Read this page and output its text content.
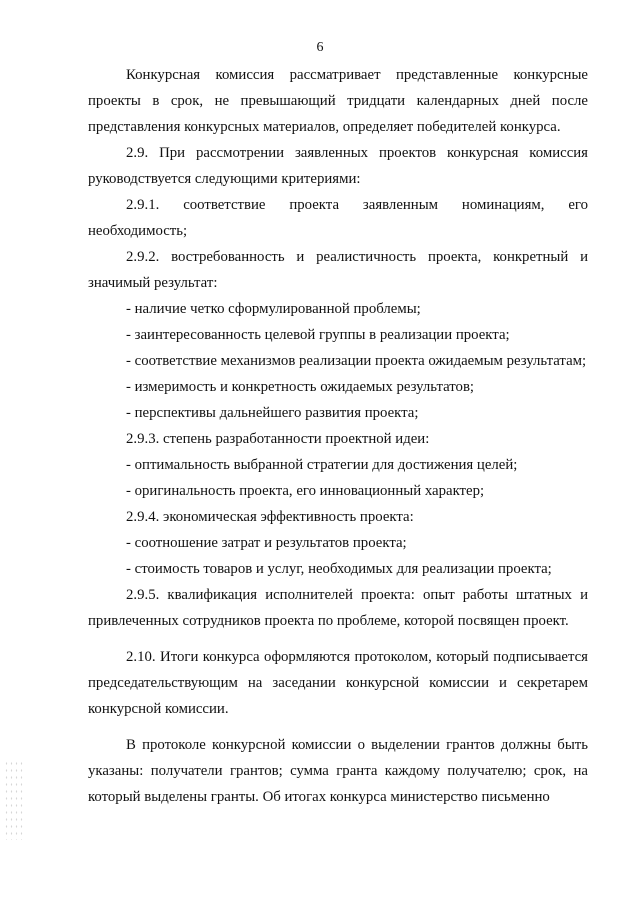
6

Конкурсная комиссия рассматривает представленные конкурсные проекты в срок, не превышающий тридцати календарных дней после представления конкурсных материалов, определяет победителей конкурса.

2.9. При рассмотрении заявленных проектов конкурсная комиссия руководствуется следующими критериями:

2.9.1. соответствие проекта заявленным номинациям, его необходимость;

2.9.2. востребованность и реалистичность проекта, конкретный и значимый результат:

- наличие четко сформулированной проблемы;

- заинтересованность целевой группы в реализации проекта;

- соответствие механизмов реализации проекта ожидаемым результатам;

- измеримость и конкретность ожидаемых результатов;

- перспективы дальнейшего развития проекта;

2.9.3. степень разработанности проектной идеи:

- оптимальность выбранной стратегии для достижения целей;

- оригинальность проекта, его инновационный характер;

2.9.4. экономическая эффективность проекта:

- соотношение затрат и результатов проекта;

- стоимость товаров и услуг, необходимых для реализации проекта;

2.9.5. квалификация исполнителей проекта: опыт работы штатных и привлеченных сотрудников проекта по проблеме, которой посвящен проект.

2.10. Итоги конкурса оформляются протоколом, который подписывается председательствующим на заседании конкурсной комиссии и секретарем конкурсной комиссии.

В протоколе конкурсной комиссии о выделении грантов должны быть указаны: получатели грантов; сумма гранта каждому получателю; срок, на который выделены гранты. Об итогах конкурса министерство письменно
